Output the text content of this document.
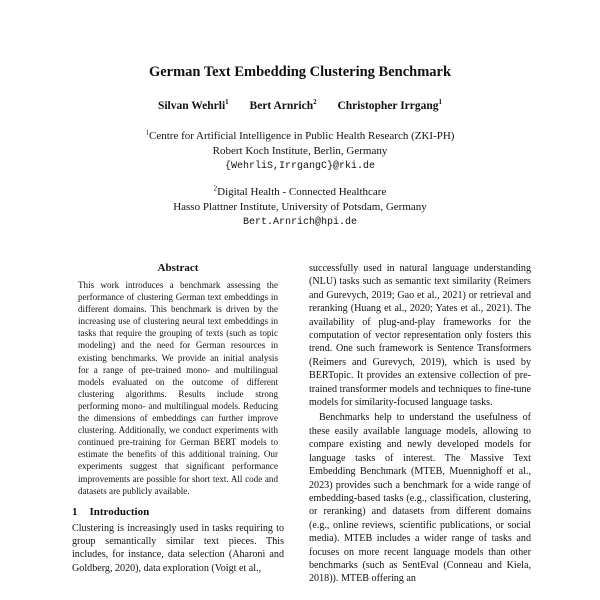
German Text Embedding Clustering Benchmark
Silvan Wehrli$^1$ Bert Arnrich$^2$ Christopher Irrgang$^1$
$^1$Centre for Artificial Intelligence in Public Health Research (ZKI-PH)
Robert Koch Institute, Berlin, Germany
{WehrliS,IrrgangC}@rki.de
$^2$Digital Health - Connected Healthcare
Hasso Plattner Institute, University of Potsdam, Germany
Bert.Arnrich@hpi.de
Abstract

This work introduces a benchmark assessing the performance of clustering German text embeddings in different domains. This benchmark is driven by the increasing use of clustering neural text embeddings in tasks that require the grouping of texts (such as topic modeling) and the need for German resources in existing benchmarks. We provide an initial analysis for a range of pre-trained mono- and multilingual models evaluated on the outcome of different clustering algorithms. Results include strong performing mono- and multilingual models. Reducing the dimensions of embeddings can further improve clustering. Additionally, we conduct experiments with continued pre-training for German BERT models to estimate the benefits of this additional training. Our experiments suggest that significant performance improvements are possible for short text. All code and datasets are publicly available.

1 Introduction

Clustering is increasingly used in tasks requiring to group semantically similar text pieces. This includes, for instance, data selection (Aharoni and Goldberg, 2020), data exploration (Voigt et al.,

successfully used in natural language understanding (NLU) tasks such as semantic text similarity (Reimers and Gurevych, 2019; Gao et al., 2021) or retrieval and reranking (Huang et al., 2020; Yates et al., 2021). The availability of plug-and-play frameworks for the computation of vector representation only fosters this trend. One such framework is Sentence Transformers (Reimers and Gurevych, 2019), which is used by BERTopic. It provides an extensive collection of pre-trained transformer models and techniques to fine-tune models for similarity-focused language tasks.

Benchmarks help to understand the usefulness of these easily available language models, allowing to compare existing and newly developed models for language tasks of interest. The Massive Text Embedding Benchmark (MTEB, Muennighoff et al., 2023) provides such a benchmark for a wide range of embedding-based tasks (e.g., classification, clustering, or reranking) and datasets from different domains (e.g., online reviews, scientific publications, or social media). MTEB includes a wider range of tasks and focuses on more recent language models than other benchmarks (such as SentEval (Conneau and Kiela, 2018)). MTEB offering an
